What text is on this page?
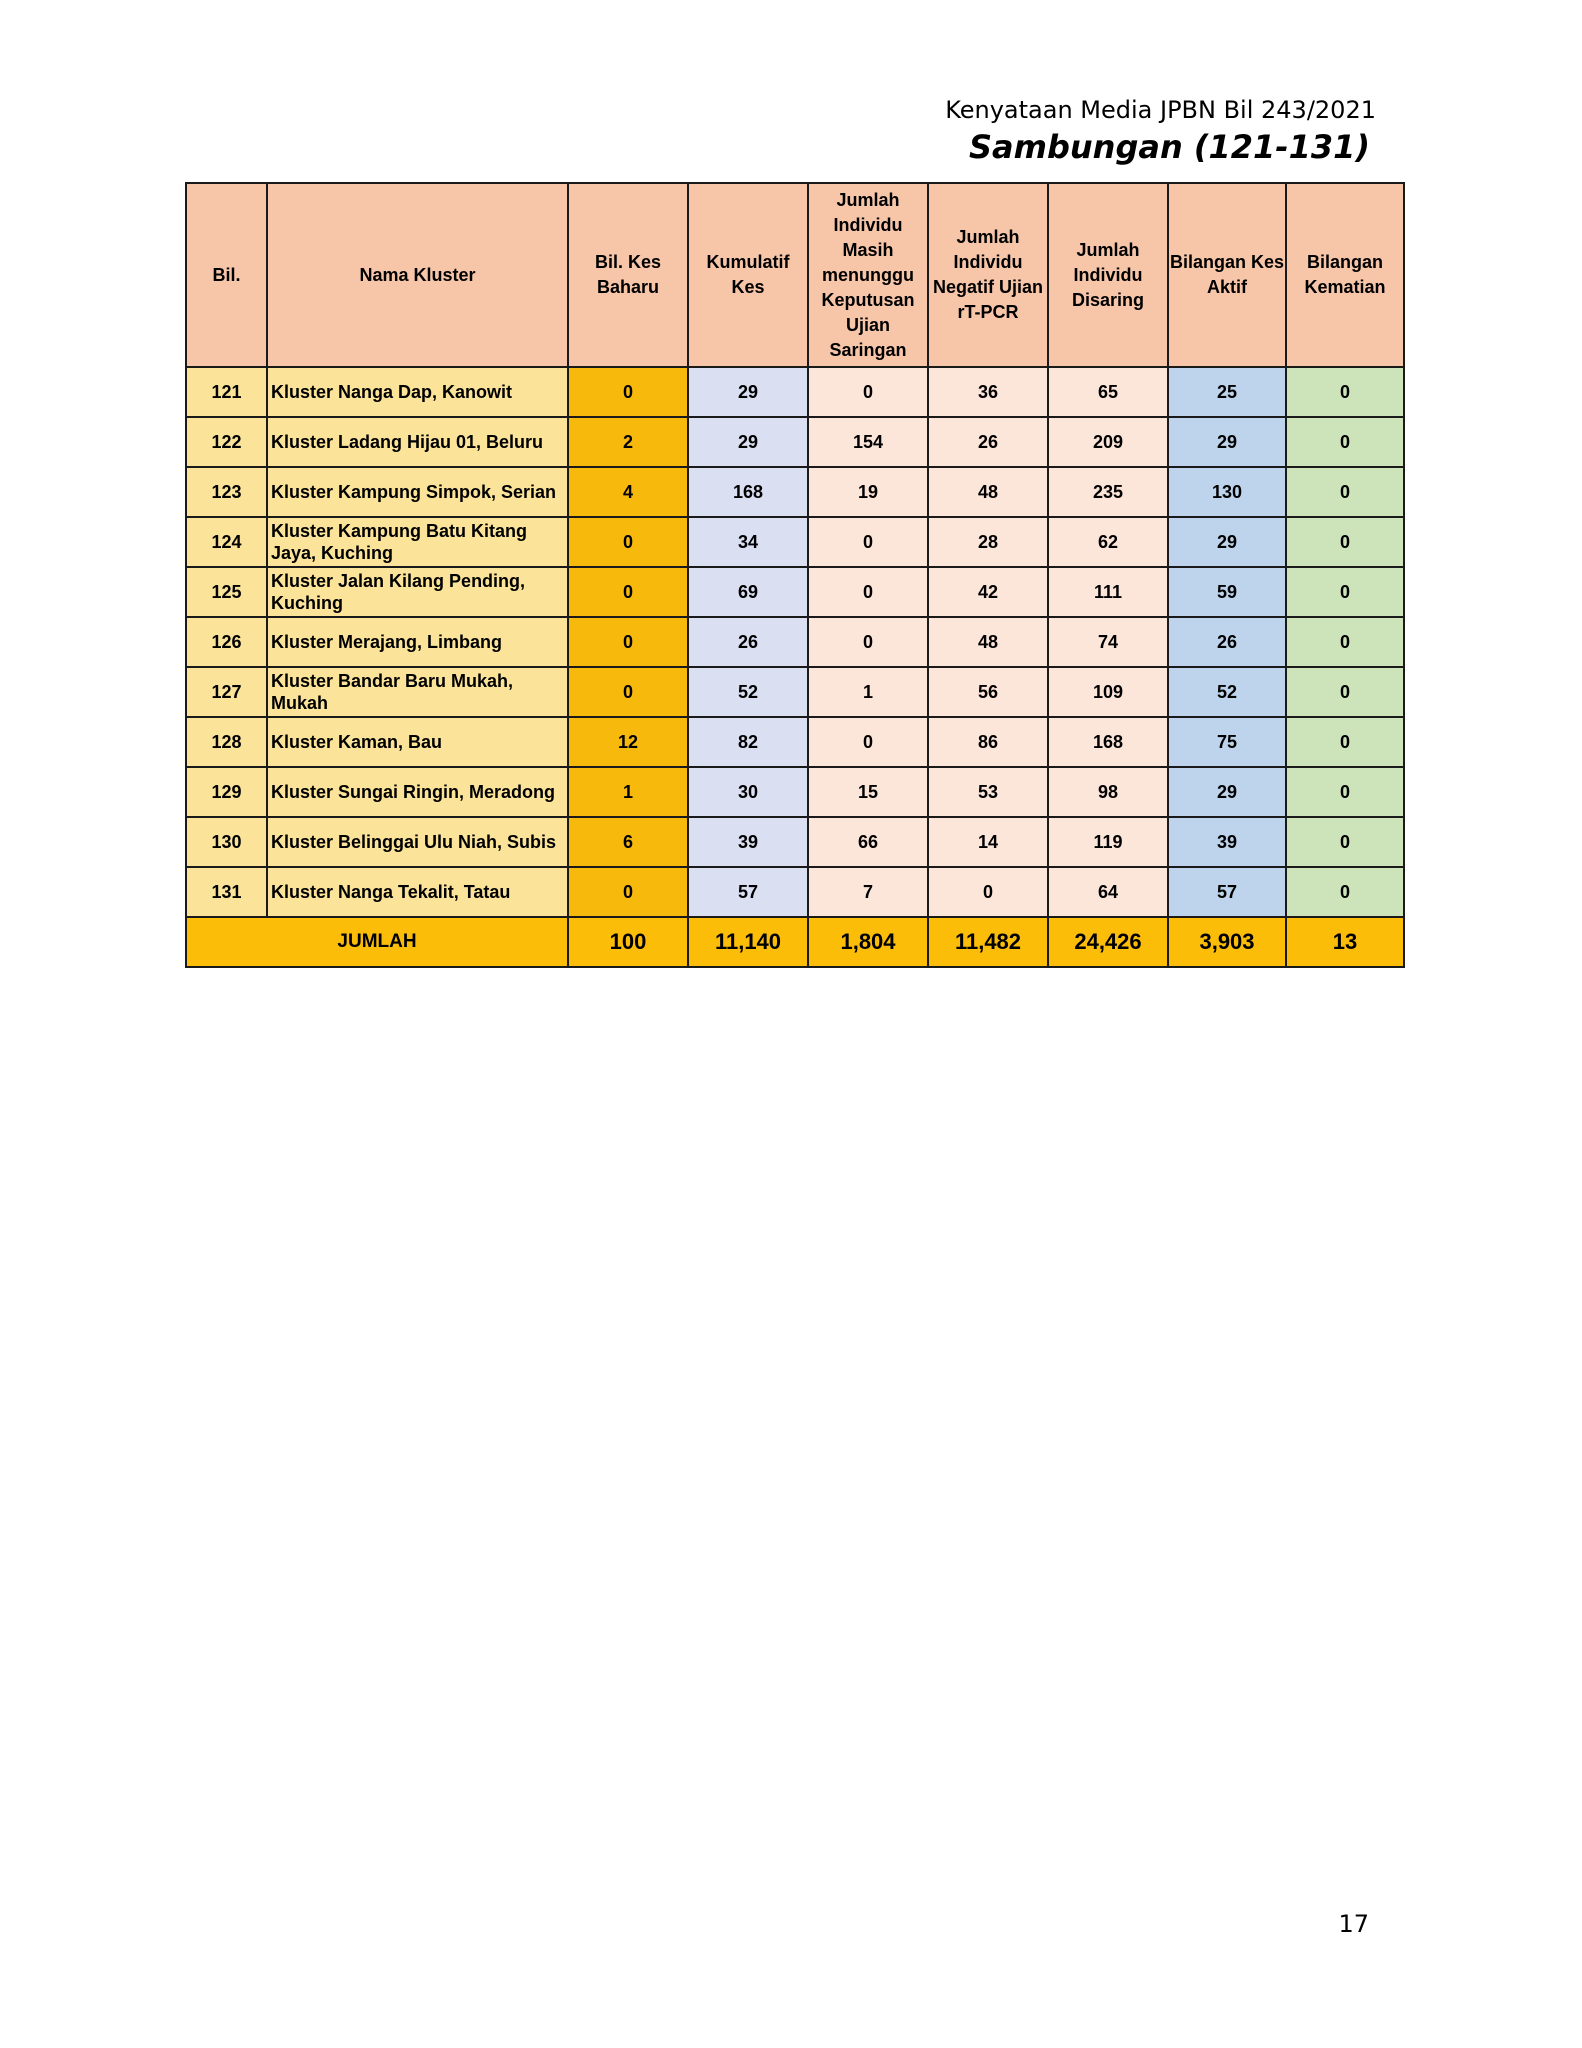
Kenyataan Media JPBN Bil 243/2021
Sambungan (121-131)
Bil.	Nama Kluster	Bil. Kes Baharu	Kumulatif Kes	Jumlah Individu Masih menunggu Keputusan Ujian Saringan	Jumlah Individu Negatif Ujian rT-PCR	Jumlah Individu Disaring	Bilangan Kes Aktif	Bilangan Kematian
121	Kluster Nanga Dap, Kanowit	0	29	0	36	65	25	0
122	Kluster Ladang Hijau 01, Beluru	2	29	154	26	209	29	0
123	Kluster Kampung Simpok, Serian	4	168	19	48	235	130	0
124	Kluster Kampung Batu Kitang Jaya, Kuching	0	34	0	28	62	29	0
125	Kluster Jalan Kilang Pending, Kuching	0	69	0	42	111	59	0
126	Kluster Merajang, Limbang	0	26	0	48	74	26	0
127	Kluster Bandar Baru Mukah, Mukah	0	52	1	56	109	52	0
128	Kluster Kaman, Bau	12	82	0	86	168	75	0
129	Kluster Sungai Ringin, Meradong	1	30	15	53	98	29	0
130	Kluster Belinggai Ulu Niah, Subis	6	39	66	14	119	39	0
131	Kluster Nanga Tekalit, Tatau	0	57	7	0	64	57	0
JUMLAH		100	11,140	1,804	11,482	24,426	3,903	13
17
